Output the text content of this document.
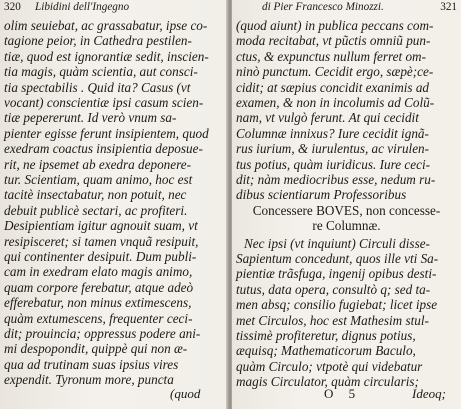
320 Libidini dell'Ingegno
olim seuiebat, ac grassabatur, ipse co-
tagione peior, in Cathedra pestilen-
tiæ, quod est ignorantiæ sedit, inscien-
tia magis, quàm scientia, aut consci-
tia spectabilis . Quid ita? Casus (vt
vocant) conscientiæ ipsi casum scien-
tiæ pepererunt. Id verò vnum sa-
pienter egisse ferunt insipientem, quod
exedram coactus insipientia deposue-
rit, ne ipsemet ab exedra deponere-
tur. Scientiam, quam animo, hoc est
tacitè insectabatur, non potuit, nec
debuit publicè sectari, ac profiteri.
Desipientiam igitur agnouit suam, vt
resipisceret; si tamen vnquã resipuit,
qui continenter desipuit. Dum publi-
cam in exedram elato magis animo,
quam corpore ferebatur, atque adeò
efferebatur, non minus extimescens,
quàm extumescens, frequenter ceci-
dit; prouincia; oppressus podere ani-
mi despopondit, quippè qui non æ-
qua ad trutinam suas ipsius vires
expendit. Tyronum more, puncta
(quod
di Pier Francesco Minozzi.	321
(quod aiunt) in publica peccans com-
moda recitabat, vt pũctis omniũ pun-
ctus, & expunctus nullum ferret om-
ninò punctum. Cecidit ergo, sæpè;ce-
cidit; at sæpius concidit exanimis ad
examen, & non in incolumis ad Colũ-
nam, vt vulgò ferunt. At qui cecidit
Columnæ innixus? Iure cecidit ignã-
rus iurium, & iurulentus, ac virulen-
tus potius, quàm iuridicus. Iure ceci-
dit; nàm mediocribus esse, nedum ru-
dibus scientiarum Professoribus
Concessere BOVES, non concesse-
re Columnæ.
Nec ipsi (vt inquiunt) Circuli disse-
Sapientum concedunt, quos ille vti Sa-
pientiæ trãsfuga, ingenij opibus desti-
tutus, data opera, consultò q; sed ta-
men absq; consilio fugiebat; licet ipse
met Circulos, hoc est Mathesim stul-
tissimè profiteretur, dignus potius,
æquisq; Mathematicorum Baculo,
quàm Circulo; vtpotè qui videbatur
magis Circulator, quàm circularis;
O 5	Ideoq;
